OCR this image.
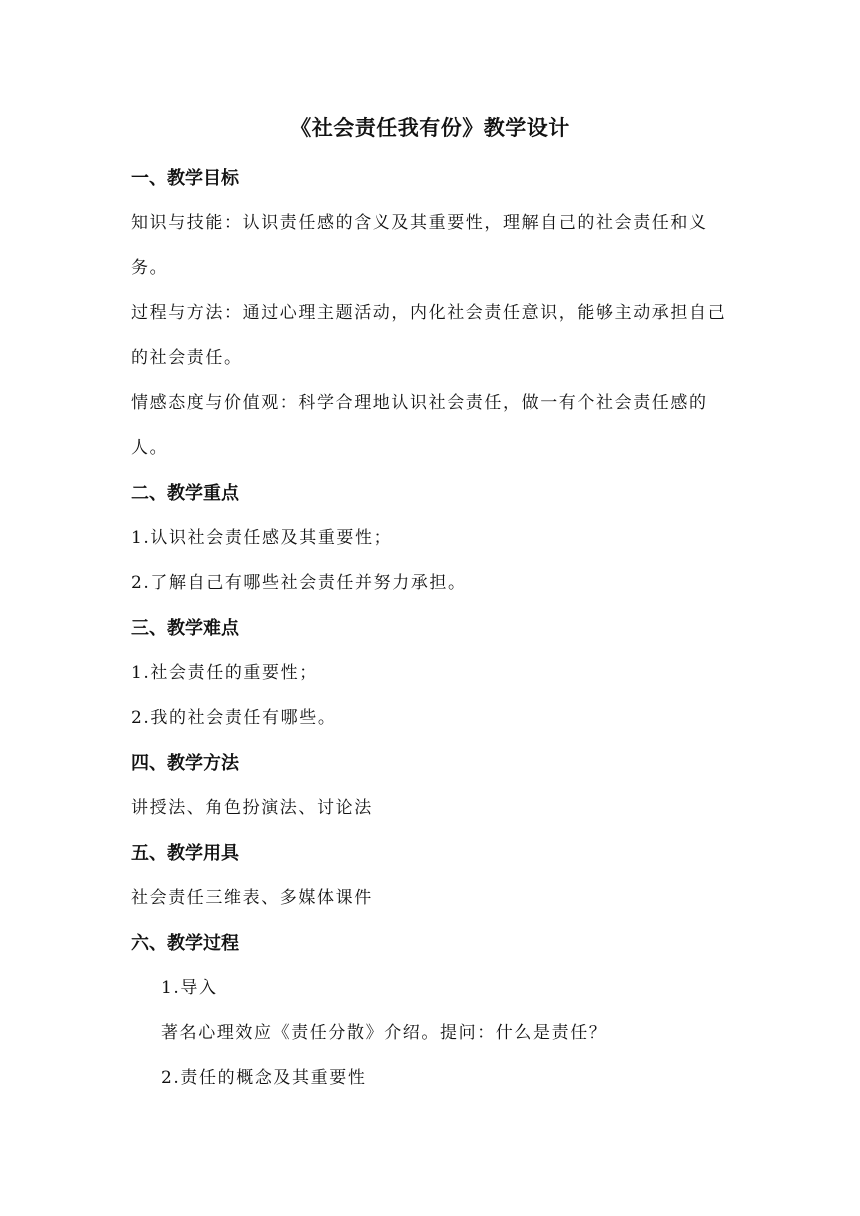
《社会责任我有份》教学设计
一、教学目标

知识与技能：认识责任感的含义及其重要性，理解自己的社会责任和义务。

过程与方法：通过心理主题活动，内化社会责任意识，能够主动承担自己的社会责任。

情感态度与价值观：科学合理地认识社会责任，做一有个社会责任感的人。

二、教学重点
1.认识社会责任感及其重要性；
2.了解自己有哪些社会责任并努力承担。
三、教学难点
1.社会责任的重要性；
2.我的社会责任有哪些。
四、教学方法
讲授法、角色扮演法、讨论法
五、教学用具
社会责任三维表、多媒体课件
六、教学过程
1.导入
著名心理效应《责任分散》介绍。提问：什么是责任？
2.责任的概念及其重要性
